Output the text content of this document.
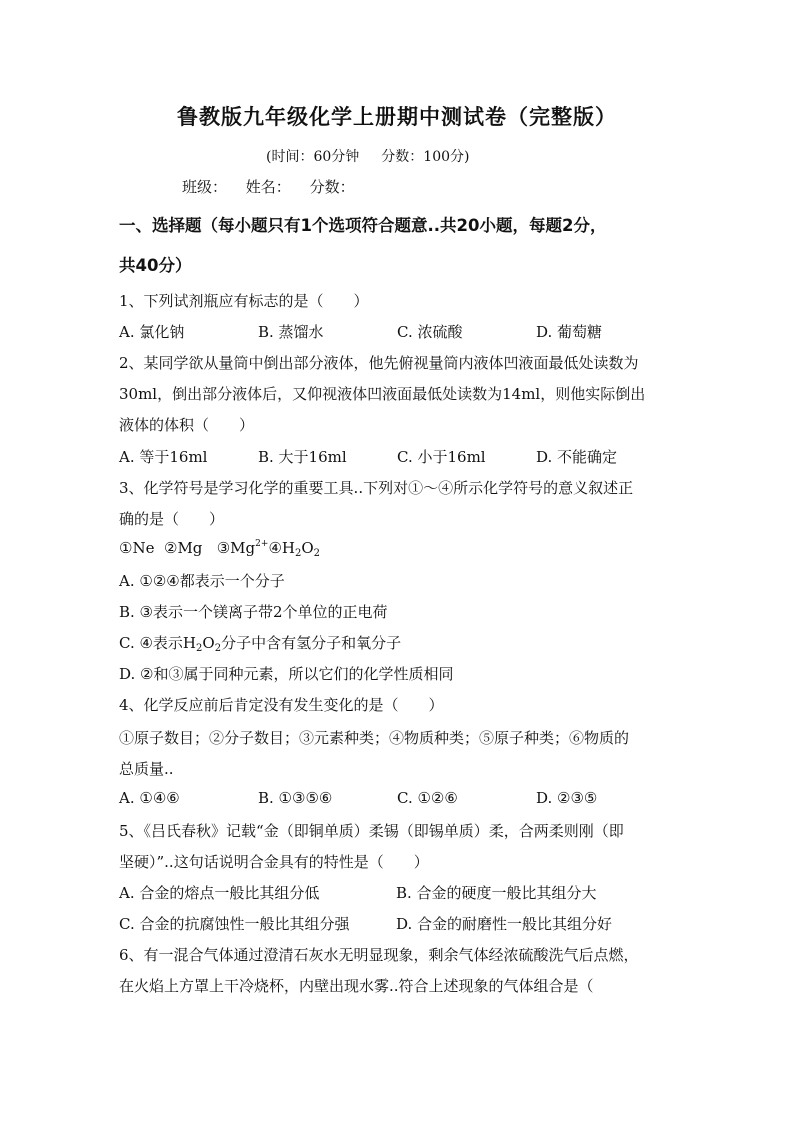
鲁教版九年级化学上册期中测试卷（完整版）
(时间：60分钟 分数：100分)
班级： 姓名： 分数：
一、选择题（每小题只有1个选项符合题意..共20小题，每题2分，
共40分）
1、下列试剂瓶应有标志的是（　　）
A. 氯化钠	B. 蒸馏水	C. 浓硫酸	D. 葡萄糖
2、某同学欲从量筒中倒出部分液体，他先俯视量筒内液体凹液面最低处读数为
30ml，倒出部分液体后，又仰视液体凹液面最低处读数为14ml，则他实际倒出
液体的体积（　　）
A. 等于16ml	B. 大于16ml	C. 小于16ml	D. 不能确定
3、化学符号是学习化学的重要工具..下列对①～④所示化学符号的意义叙述正
确的是（　　）
①Ne ②Mg $③Mg^{2+}④H_2O_2$
A. ①②④都表示一个分子
B. ③表示一个镁离子带2个单位的正电荷
C. ④表示$H_2O_2$分子中含有氢分子和氧分子
D. ②和③属于同种元素，所以它们的化学性质相同
4、化学反应前后肯定没有发生变化的是（　　）
①原子数目；②分子数目；③元素种类；④物质种类；⑤原子种类；⑥物质的
总质量..
A. ①④⑥	B. ①③⑤⑥	C. ①②⑥	D. ②③⑤
5、《吕氏春秋》记载“金（即铜单质）柔锡（即锡单质）柔，合两柔则刚（即
坚硬）”..这句话说明合金具有的特性是（　　）
A. 合金的熔点一般比其组分低	B. 合金的硬度一般比其组分大
C. 合金的抗腐蚀性一般比其组分强	D. 合金的耐磨性一般比其组分好
6、有一混合气体通过澄清石灰水无明显现象，剩余气体经浓硫酸洗气后点燃，
在火焰上方罩上干冷烧杯，内壁出现水雾..符合上述现象的气体组合是（
